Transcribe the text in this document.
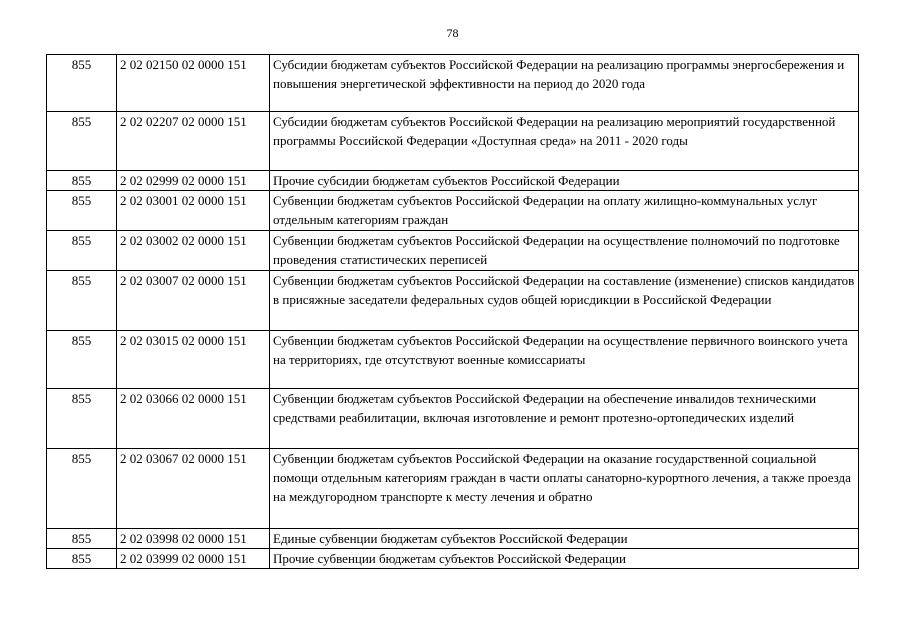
78
855	2 02 02150 02 0000 151	Субсидии бюджетам субъектов Российской Федерации на реализацию программы энергосбережения и повышения энергетической эффективности на период до 2020 года
855	2 02 02207 02 0000 151	Субсидии бюджетам субъектов Российской Федерации на реализацию мероприятий государственной программы Российской Федерации «Доступная среда» на 2011 - 2020 годы
855	2 02 02999 02 0000 151	Прочие субсидии бюджетам субъектов Российской Федерации
855	2 02 03001 02 0000 151	Субвенции бюджетам субъектов Российской Федерации на оплату жилищно-коммунальных услуг отдельным категориям граждан
855	2 02 03002 02 0000 151	Субвенции бюджетам субъектов Российской Федерации на осуществление полномочий по подготовке проведения статистических переписей
855	2 02 03007 02 0000 151	Субвенции бюджетам субъектов Российской Федерации на составление (изменение) списков кандидатов в присяжные заседатели федеральных судов общей юрисдикции в Российской Федерации
855	2 02 03015 02 0000 151	Субвенции бюджетам субъектов Российской Федерации на осуществление первичного воинского учета на территориях, где отсутствуют военные комиссариаты
855	2 02 03066 02 0000 151	Субвенции бюджетам субъектов Российской Федерации на обеспечение инвалидов техническими средствами реабилитации, включая изготовление и ремонт протезно-ортопедических изделий
855	2 02 03067 02 0000 151	Субвенции бюджетам субъектов Российской Федерации на оказание государственной социальной помощи отдельным категориям граждан в части оплаты санаторно-курортного лечения, а также проезда на междугородном транспорте к месту лечения и обратно
855	2 02 03998 02 0000 151	Единые субвенции бюджетам субъектов Российской Федерации
855	2 02 03999 02 0000 151	Прочие субвенции бюджетам субъектов Российской Федерации
